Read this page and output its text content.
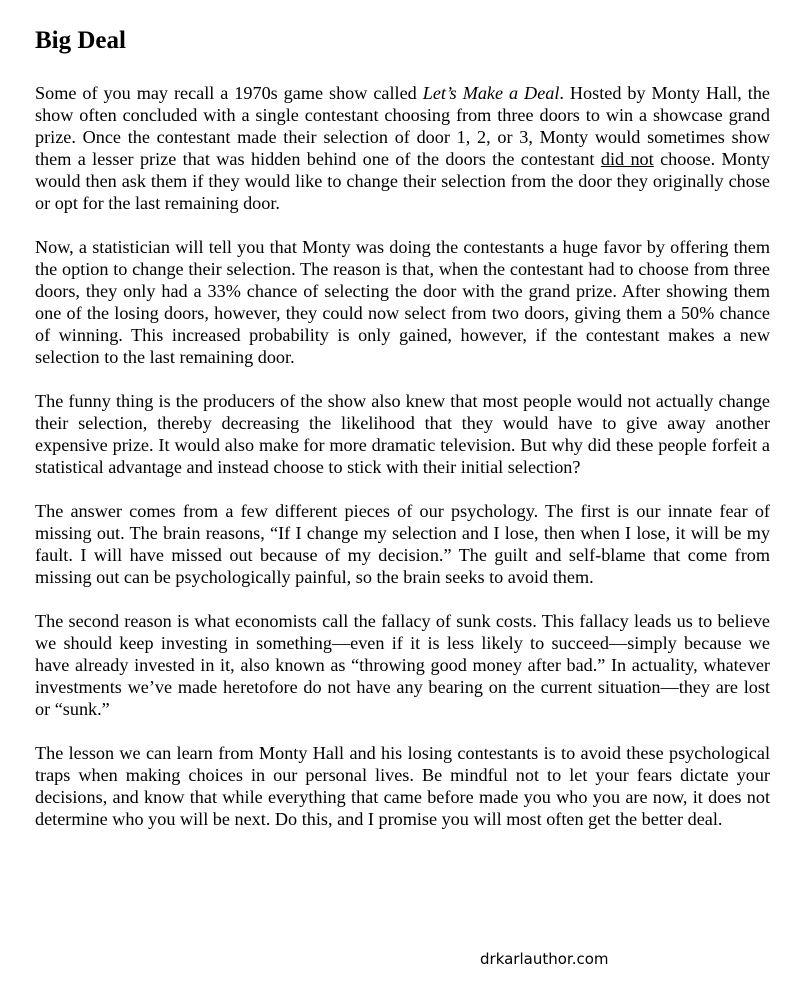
Big Deal

Some of you may recall a 1970s game show called Let’s Make a Deal. Hosted by Monty Hall, the show often concluded with a single contestant choosing from three doors to win a showcase grand prize. Once the contestant made their selection of door 1, 2, or 3, Monty would sometimes show them a lesser prize that was hidden behind one of the doors the contestant did not choose. Monty would then ask them if they would like to change their selection from the door they originally chose or opt for the last remaining door.

Now, a statistician will tell you that Monty was doing the contestants a huge favor by offering them the option to change their selection. The reason is that, when the contestant had to choose from three doors, they only had a 33% chance of selecting the door with the grand prize. After showing them one of the losing doors, however, they could now select from two doors, giving them a 50% chance of winning. This increased probability is only gained, however, if the contestant makes a new selection to the last remaining door.

The funny thing is the producers of the show also knew that most people would not actually change their selection, thereby decreasing the likelihood that they would have to give away another expensive prize. It would also make for more dramatic television. But why did these people forfeit a statistical advantage and instead choose to stick with their initial selection?

The answer comes from a few different pieces of our psychology. The first is our innate fear of missing out. The brain reasons, “If I change my selection and I lose, then when I lose, it will be my fault. I will have missed out because of my decision.” The guilt and self-blame that come from missing out can be psychologically painful, so the brain seeks to avoid them.

The second reason is what economists call the fallacy of sunk costs. This fallacy leads us to believe we should keep investing in something—even if it is less likely to succeed—simply because we have already invested in it, also known as “throwing good money after bad.” In actuality, whatever investments we’ve made heretofore do not have any bearing on the current situation—they are lost or “sunk.”

The lesson we can learn from Monty Hall and his losing contestants is to avoid these psychological traps when making choices in our personal lives. Be mindful not to let your fears dictate your decisions, and know that while everything that came before made you who you are now, it does not determine who you will be next. Do this, and I promise you will most often get the better deal.

drkarlauthor.com
